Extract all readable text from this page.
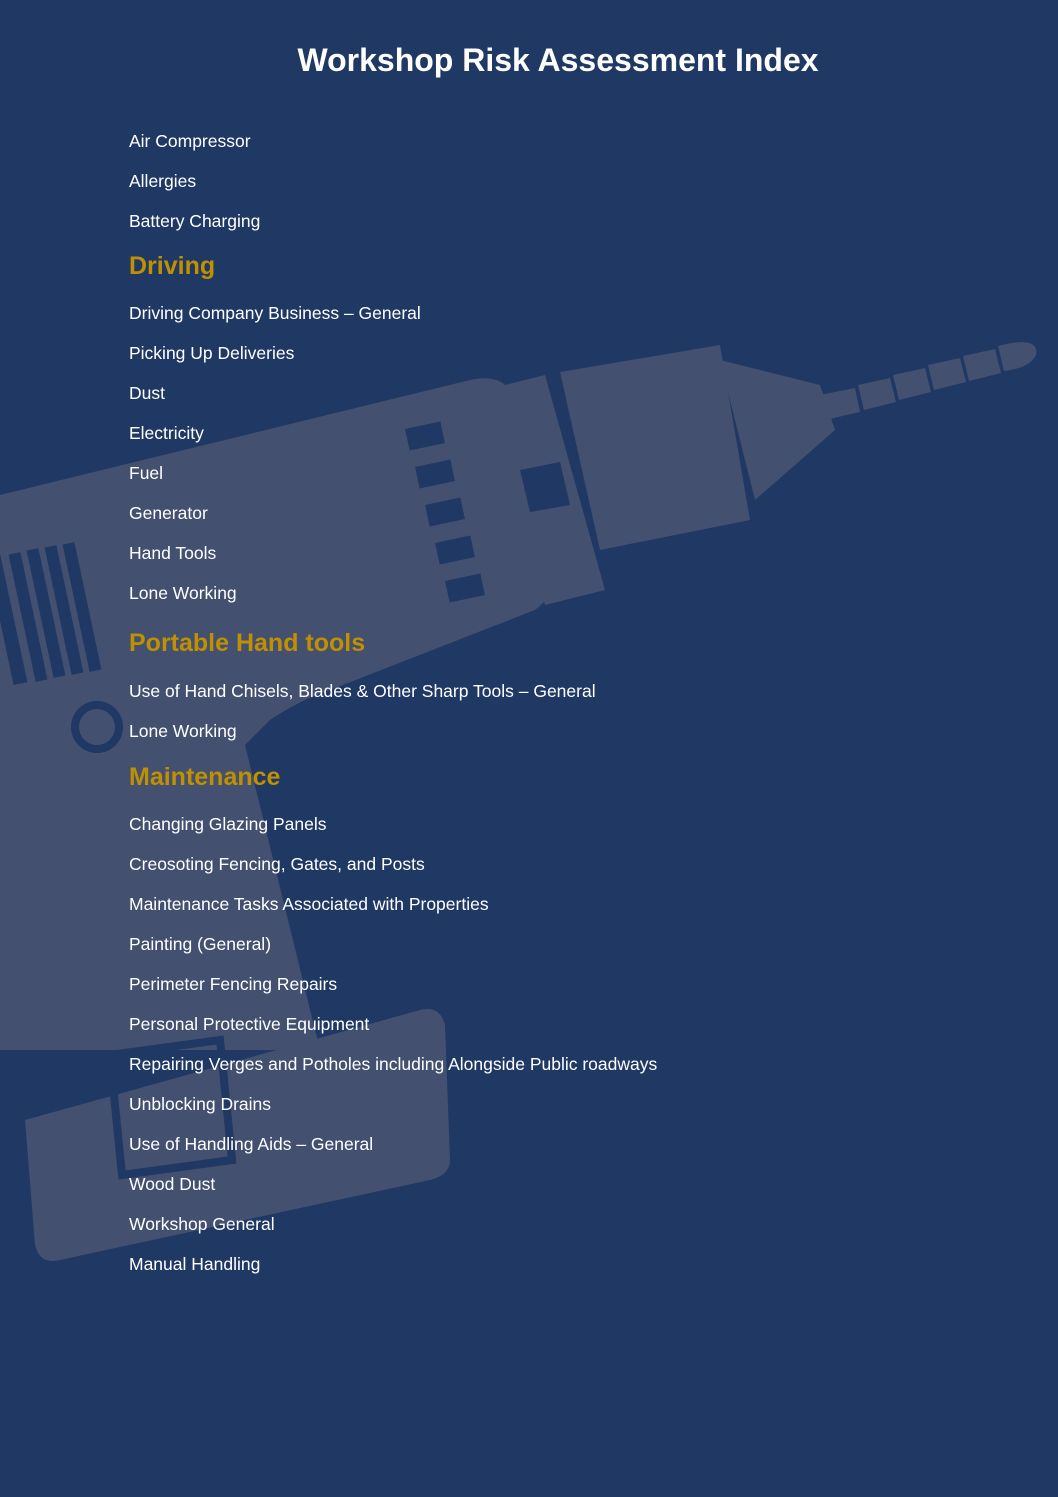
Workshop Risk Assessment Index
Air Compressor
Allergies
Battery Charging
Driving
Driving Company Business – General
Picking Up Deliveries
Dust
Electricity
Fuel
Generator
Hand Tools
Lone Working
Portable Hand tools
Use of Hand Chisels, Blades & Other Sharp Tools – General
Lone Working
Maintenance
Changing Glazing Panels
Creosoting Fencing, Gates, and Posts
Maintenance Tasks Associated with Properties
Painting (General)
Perimeter Fencing Repairs
Personal Protective Equipment
Repairing Verges and Potholes including Alongside Public roadways
Unblocking Drains
Use of Handling Aids – General
Wood Dust
Workshop General
Manual Handling
